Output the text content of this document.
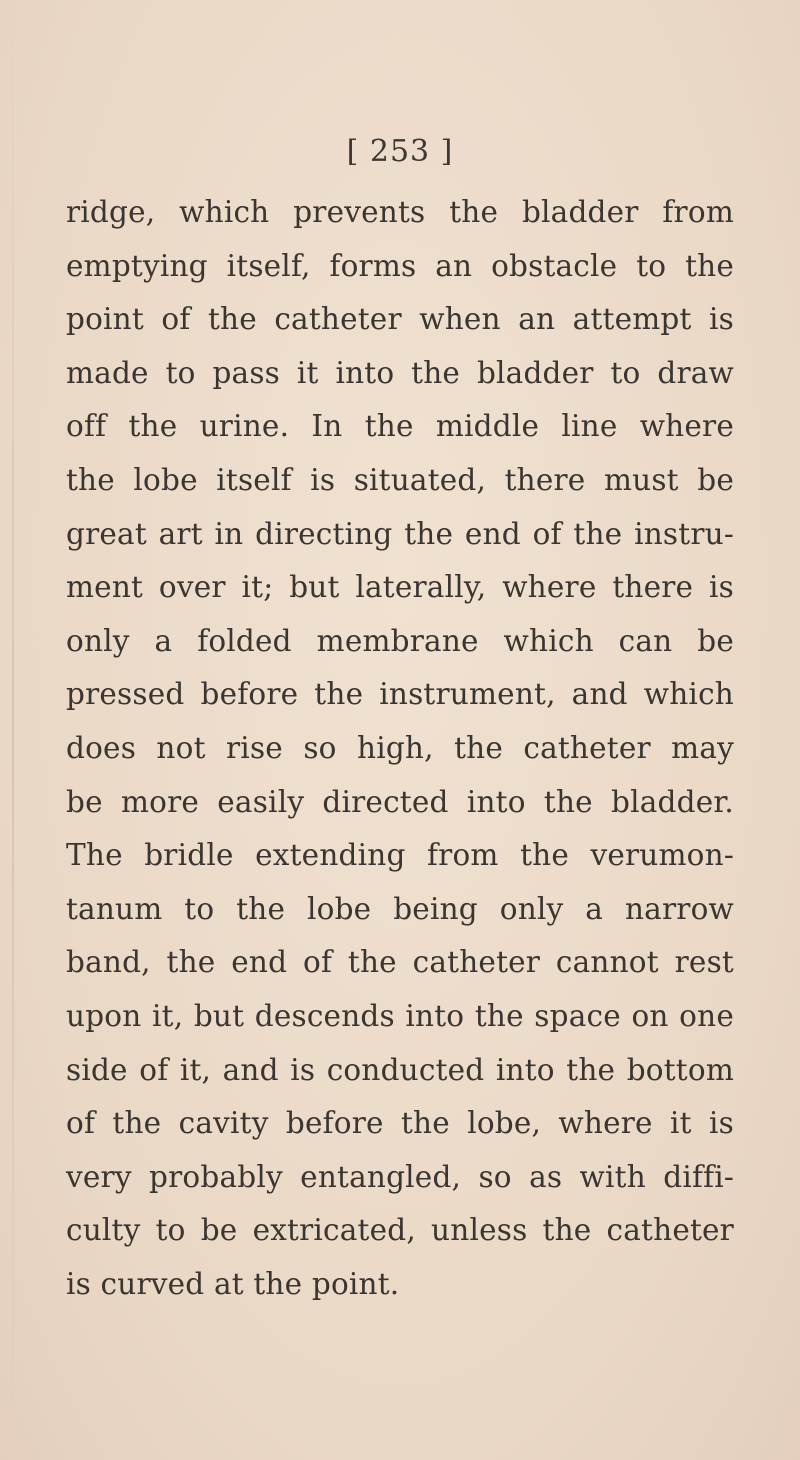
[ 253 ]
ridge, which prevents the bladder from
emptying itself, forms an obstacle to the
point of the catheter when an attempt is
made to pass it into the bladder to draw
off the urine. In the middle line where
the lobe itself is situated, there must be
great art in directing the end of the instru-
ment over it; but laterally, where there is
only a folded membrane which can be
pressed before the instrument, and which
does not rise so high, the catheter may
be more easily directed into the bladder.
The bridle extending from the verumon-
tanum to the lobe being only a narrow
band, the end of the catheter cannot rest
upon it, but descends into the space on one
side of it, and is conducted into the bottom
of the cavity before the lobe, where it is
very probably entangled, so as with diffi-
culty to be extricated, unless the catheter
is curved at the point.
